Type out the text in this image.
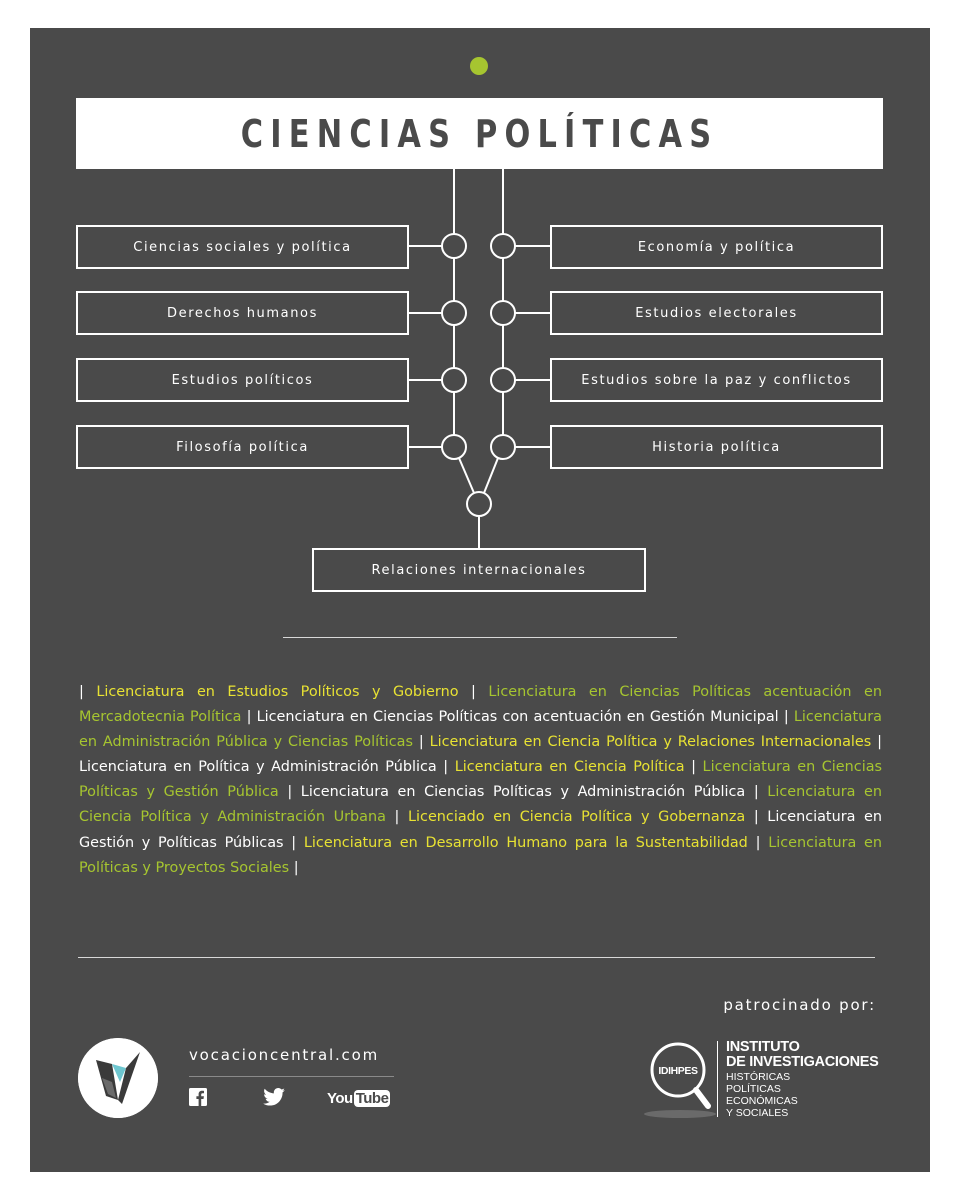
CIENCIAS POLÍTICAS
Ciencias sociales y política
Derechos humanos
Estudios políticos
Filosofía política
Economía y política
Estudios electorales
Estudios sobre la paz y conflictos
Historia política
Relaciones internacionales
| Licenciatura en Estudios Políticos y Gobierno | Licenciatura en Ciencias Políticas acentuación en Mercadotecnia Política | Licenciatura en Ciencias Políticas con acentuación en Gestión Municipal | Licenciatura en Administración Pública y Ciencias Políticas | Licenciatura en Ciencia Política y Relaciones Internacionales | Licenciatura en Política y Administración Pública | Licenciatura en Ciencia Política | Licenciatura en Ciencias Políticas y Gestión Pública | Licenciatura en Ciencias Políticas y Administración Pública | Licenciatura en Ciencia Política y Administración Urbana | Licenciado en Ciencia Política y Gobernanza | Licenciatura en Gestión y Políticas Públicas | Licenciatura en Desarrollo Humano para la Sustentabilidad | Licenciatura en Políticas y Proyectos Sociales |
patrocinado por:
vocacioncentral.com
You Tube
IDIHPES
INSTITUTO
DE INVESTIGACIONES
HISTÓRICAS
POLÍTICAS
ECONÓMICAS
Y SOCIALES
